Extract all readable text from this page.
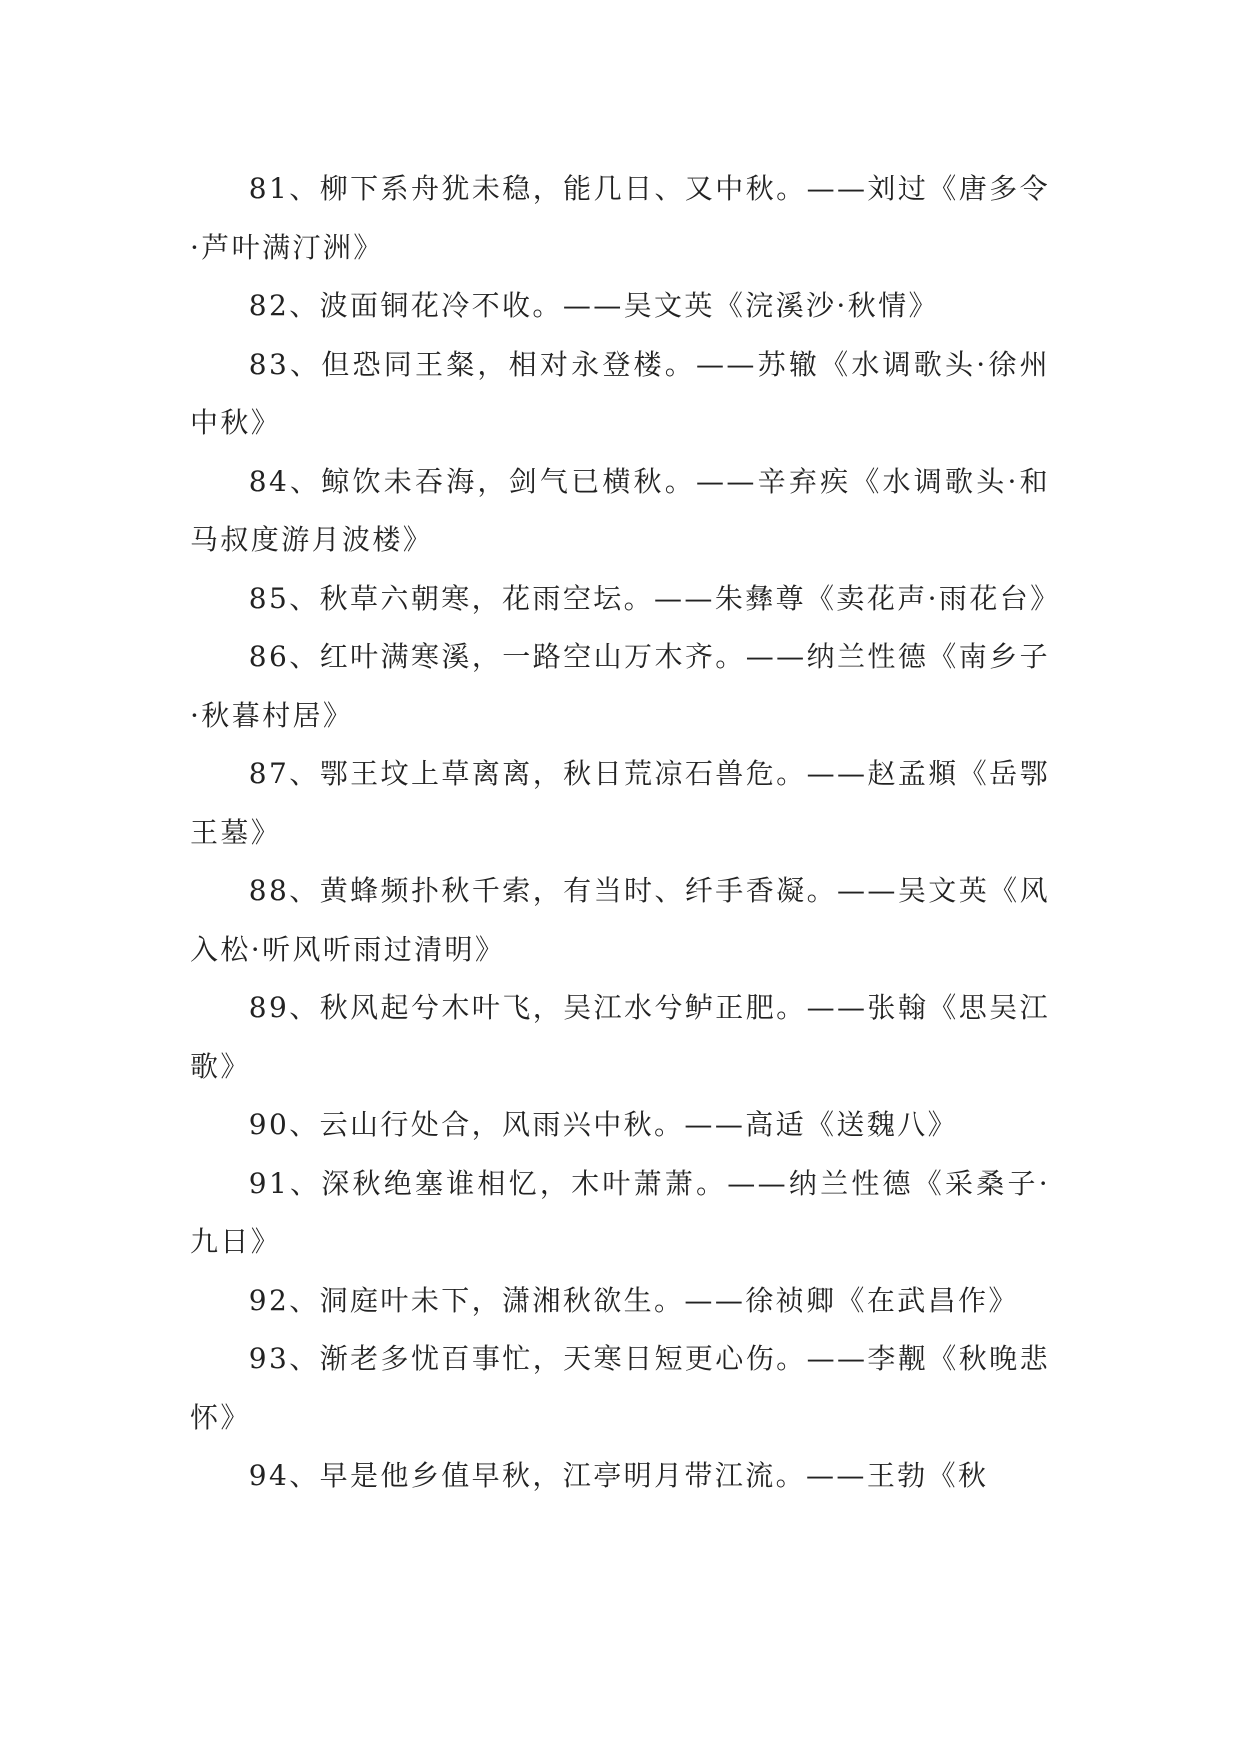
81、柳下系舟犹未稳，能几日、又中秋。——刘过《唐多令·芦叶满汀洲》

82、波面铜花冷不收。——吴文英《浣溪沙·秋情》

83、但恐同王粲，相对永登楼。——苏辙《水调歌头·徐州中秋》

84、鲸饮未吞海，剑气已横秋。——辛弃疾《水调歌头·和马叔度游月波楼》

85、秋草六朝寒，花雨空坛。——朱彝尊《卖花声·雨花台》

86、红叶满寒溪，一路空山万木齐。——纳兰性德《南乡子·秋暮村居》

87、鄂王坟上草离离，秋日荒凉石兽危。——赵孟頫《岳鄂王墓》

88、黄蜂频扑秋千索，有当时、纤手香凝。——吴文英《风入松·听风听雨过清明》

89、秋风起兮木叶飞，吴江水兮鲈正肥。——张翰《思吴江歌》

90、云山行处合，风雨兴中秋。——高适《送魏八》

91、深秋绝塞谁相忆，木叶萧萧。——纳兰性德《采桑子·九日》

92、洞庭叶未下，潇湘秋欲生。——徐祯卿《在武昌作》

93、渐老多忧百事忙，天寒日短更心伤。——李觏《秋晚悲怀》

94、早是他乡值早秋，江亭明月带江流。——王勃《秋
